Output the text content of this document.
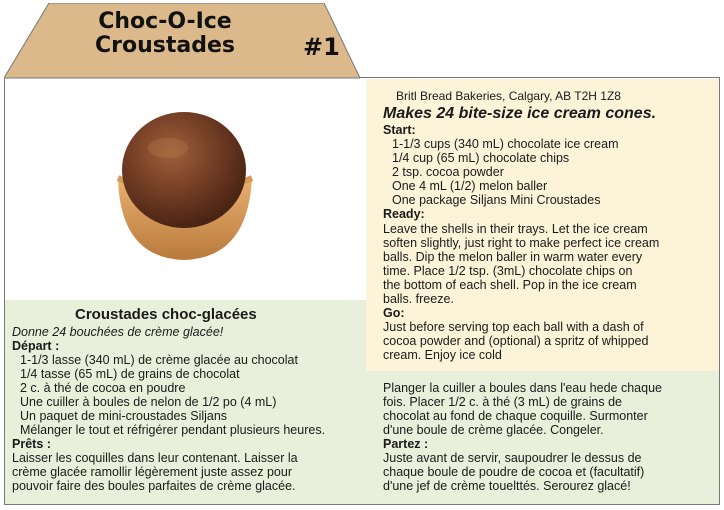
Choc-O-Ice
Croustades	#1
Britl Bread Bakeries, Calgary, AB T2H 1Z8
Makes 24 bite-size ice cream cones.
Start:
1-1/3 cups (340 mL) chocolate ice cream
1/4 cup (65 mL) chocolate chips
2 tsp. cocoa powder
One 4 mL (1/2) melon baller
One package Siljans Mini Croustades
Ready:
Leave the shells in their trays. Let the ice cream
soften slightly, just right to make perfect ice cream
balls. Dip the melon baller in warm water every
time. Place 1/2 tsp. (3mL) chocolate chips on
the bottom of each shell. Pop in the ice cream
balls. freeze.
Go:
Just before serving top each ball with a dash of
cocoa powder and (optional) a spritz of whipped
cream. Enjoy ice cold
Croustades choc-glacées
Donne 24 bouchées de crème glacée!
Départ :
1-1/3 lasse (340 mL) de crème glacée au chocolat
1/4 tasse (65 mL) de grains de chocolat
2 c. à thé de cocoa en poudre
Une cuiller à boules de nelon de 1/2 po (4 mL)
Un paquet de mini-croustades Siljans
Mélanger le tout et réfrigérer pendant plusieurs heures.
Prêts :
Laisser les coquilles dans leur contenant. Laisser la
crème glacée ramollir légèrement juste assez pour
pouvoir faire des boules parfaites de crème glacée.
Planger la cuiller a boules dans l'eau hede chaque
fois. Placer 1/2 c. à thé (3 mL) de grains de
chocolat au fond de chaque coquille. Surmonter
d'une boule de crème glacée. Congeler.
Partez :
Juste avant de servir, saupoudrer le dessus de
chaque boule de poudre de cocoa et (facultatif)
d'une jef de crème touelttés. Serourez glacé!
